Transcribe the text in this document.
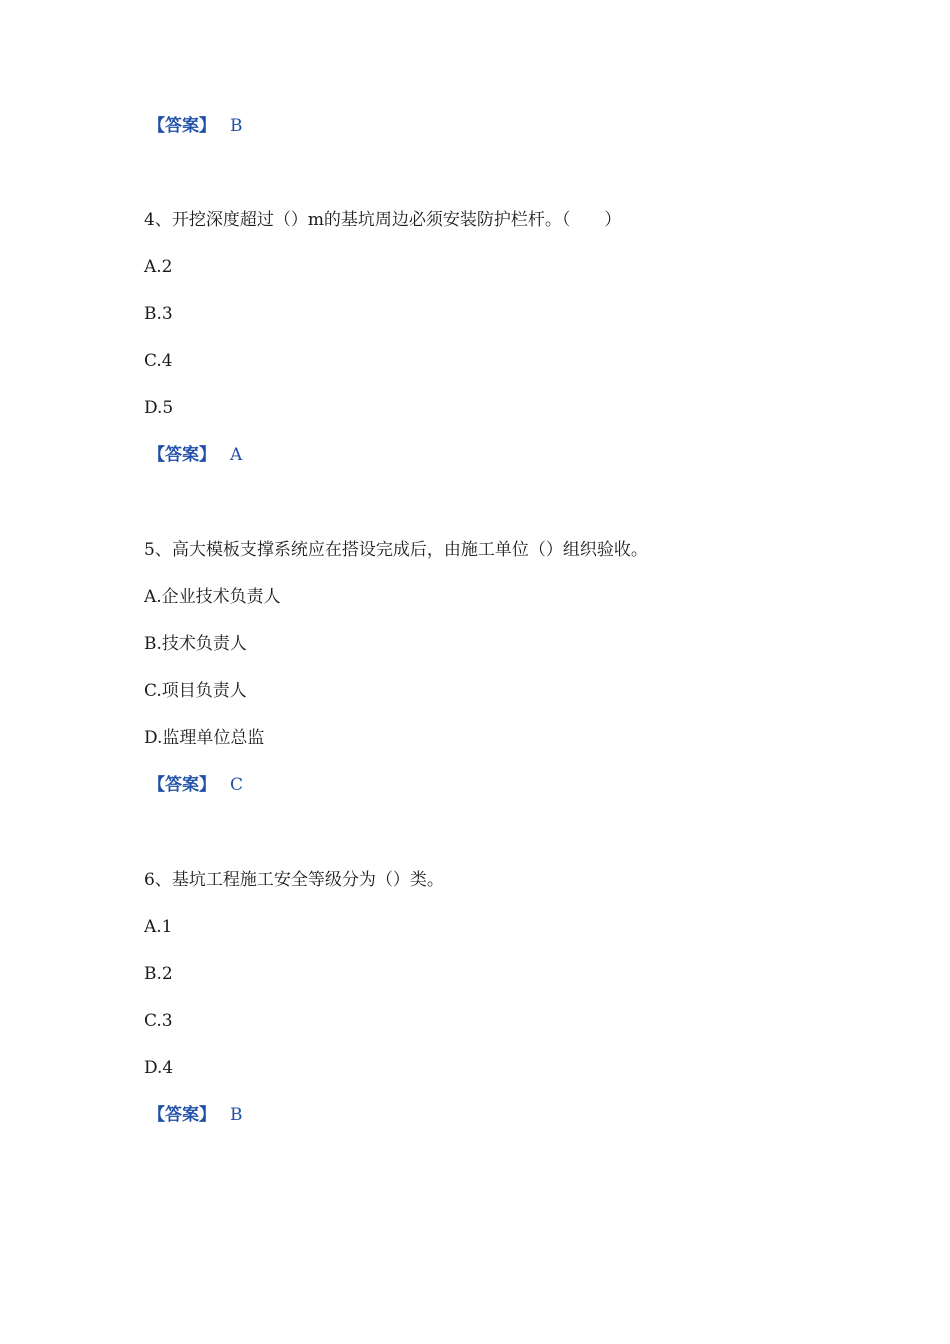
【答案】 B
4、开挖深度超过（）m的基坑周边必须安装防护栏杆。（　　）
A.2
B.3
C.4
D.5
【答案】 A
5、高大模板支撑系统应在搭设完成后，由施工单位（）组织验收。
A.企业技术负责人
B.技术负责人
C.项目负责人
D.监理单位总监
【答案】 C
6、基坑工程施工安全等级分为（）类。
A.1
B.2
C.3
D.4
【答案】 B
